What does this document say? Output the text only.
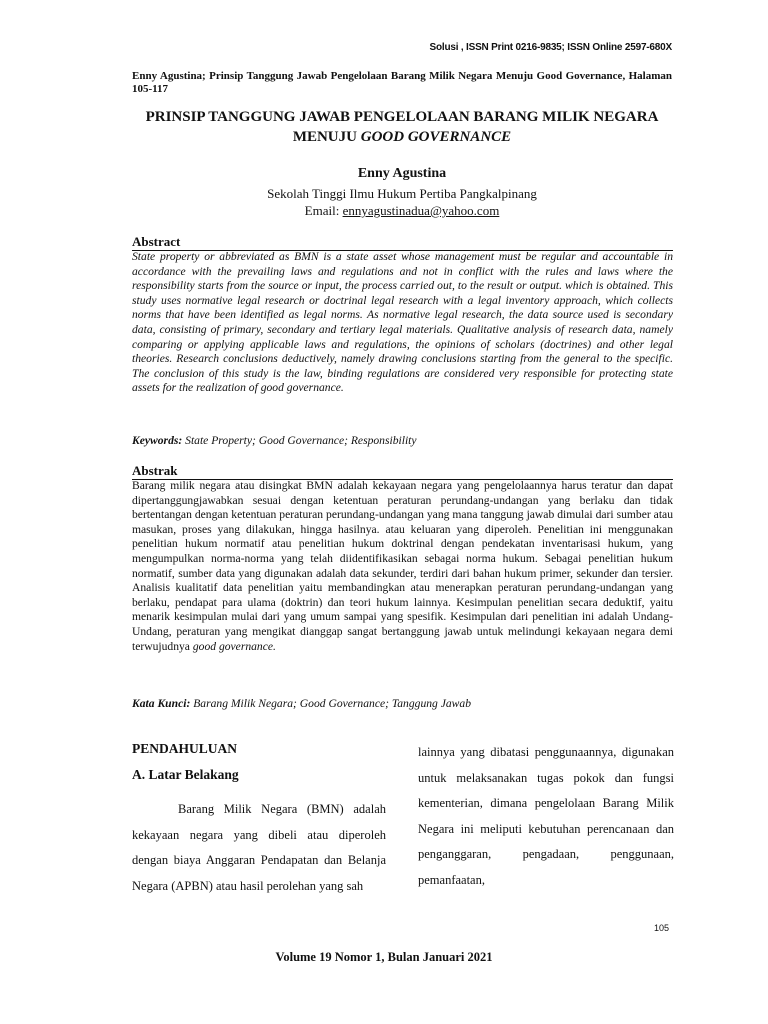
Solusi , ISSN Print 0216-9835; ISSN Online 2597-680X
Enny Agustina; Prinsip Tanggung Jawab Pengelolaan Barang Milik Negara Menuju Good Governance, Halaman 105-117
PRINSIP TANGGUNG JAWAB PENGELOLAAN BARANG MILIK NEGARA
MENUJU GOOD GOVERNANCE
Enny Agustina
Sekolah Tinggi Ilmu Hukum Pertiba Pangkalpinang
Email: ennyagustinadua@yahoo.com
Abstract
State property or abbreviated as BMN is a state asset whose management must be regular and accountable in accordance with the prevailing laws and regulations and not in conflict with the rules and laws where the responsibility starts from the source or input, the process carried out, to the result or output. which is obtained. This study uses normative legal research or doctrinal legal research with a legal inventory approach, which collects norms that have been identified as legal norms. As normative legal research, the data source used is secondary data, consisting of primary, secondary and tertiary legal materials. Qualitative analysis of research data, namely comparing or applying applicable laws and regulations, the opinions of scholars (doctrines) and other legal theories. Research conclusions deductively, namely drawing conclusions starting from the general to the specific. The conclusion of this study is the law, binding regulations are considered very responsible for protecting state assets for the realization of good governance.
Keywords: State Property; Good Governance; Responsibility
Abstrak
Barang milik negara atau disingkat BMN adalah kekayaan negara yang pengelolaannya harus teratur dan dapat dipertanggungjawabkan sesuai dengan ketentuan peraturan perundang-undangan yang berlaku dan tidak bertentangan dengan ketentuan peraturan perundang-undangan yang mana tanggung jawab dimulai dari sumber atau masukan, proses yang dilakukan, hingga hasilnya. atau keluaran yang diperoleh. Penelitian ini menggunakan penelitian hukum normatif atau penelitian hukum doktrinal dengan pendekatan inventarisasi hukum, yang mengumpulkan norma-norma yang telah diidentifikasikan sebagai norma hukum. Sebagai penelitian hukum normatif, sumber data yang digunakan adalah data sekunder, terdiri dari bahan hukum primer, sekunder dan tersier. Analisis kualitatif data penelitian yaitu membandingkan atau menerapkan peraturan perundang-undangan yang berlaku, pendapat para ulama (doktrin) dan teori hukum lainnya. Kesimpulan penelitian secara deduktif, yaitu menarik kesimpulan mulai dari yang umum sampai yang spesifik. Kesimpulan dari penelitian ini adalah Undang-Undang, peraturan yang mengikat dianggap sangat bertanggung jawab untuk melindungi kekayaan negara demi terwujudnya good governance.
Kata Kunci: Barang Milik Negara; Good Governance; Tanggung Jawab

PENDAHULUAN

A. Latar Belakang

Barang Milik Negara (BMN) adalah kekayaan negara yang dibeli atau diperoleh dengan biaya Anggaran Pendapatan dan Belanja Negara (APBN) atau hasil perolehan yang sah

lainnya yang dibatasi penggunaannya, digunakan untuk melaksanakan tugas pokok dan fungsi kementerian, dimana pengelolaan Barang Milik Negara ini meliputi kebutuhan perencanaan dan penganggaran, pengadaan, penggunaan, pemanfaatan,

105
Volume 19 Nomor 1, Bulan Januari 2021
